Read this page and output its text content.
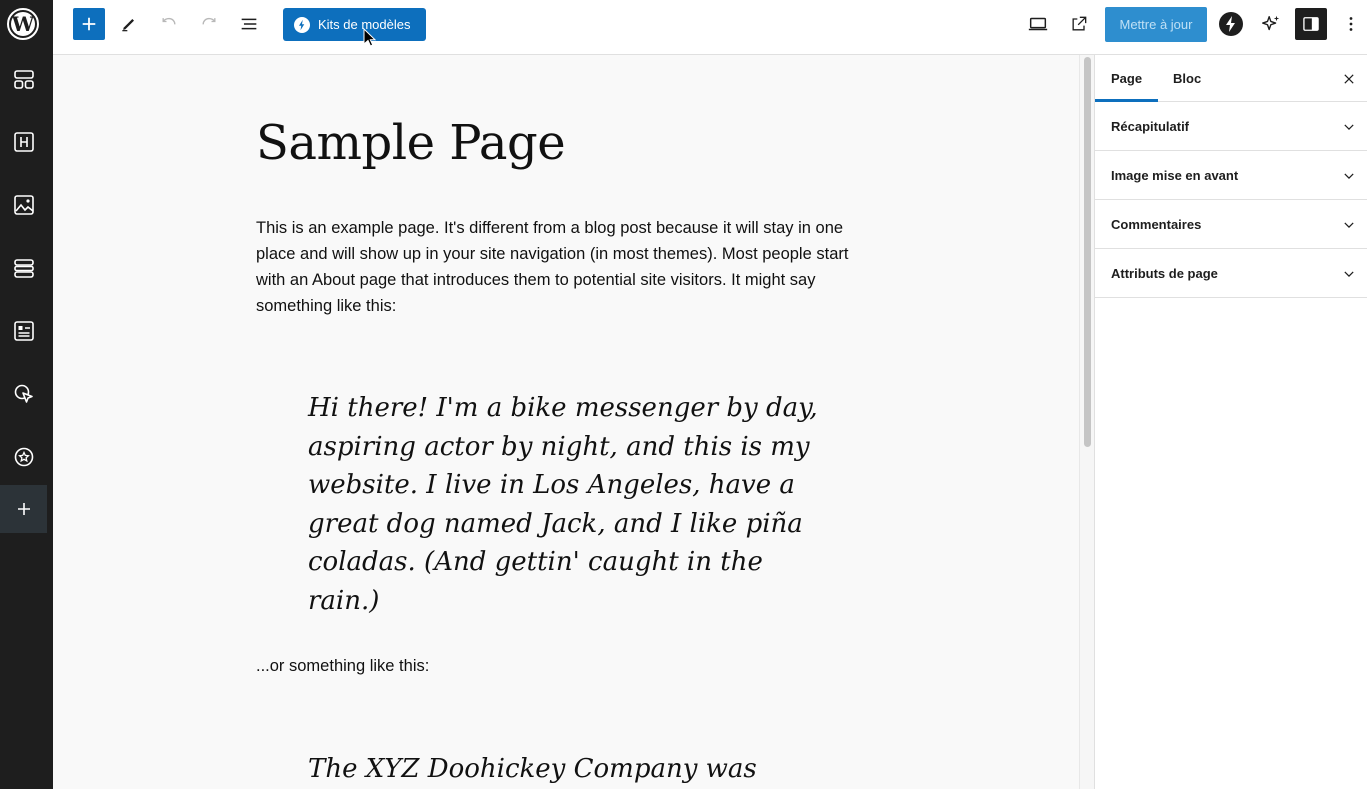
W	Kits de modèles	Mettre à jour
Sample Page

This is an example page. It's different from a blog post because it will stay in one place and will show up in your site navigation (in most themes). Most people start with an About page that introduces them to potential site visitors. It might say something like this:

Hi there! I'm a bike messenger by day, aspiring actor by night, and this is my website. I live in Los Angeles, have a great dog named Jack, and I like piña coladas. (And gettin' caught in the rain.)

...or something like this:

The XYZ Doohickey Company was

Page Bloc
Récapitulatif
Image mise en avant
Commentaires
Attributs de page
